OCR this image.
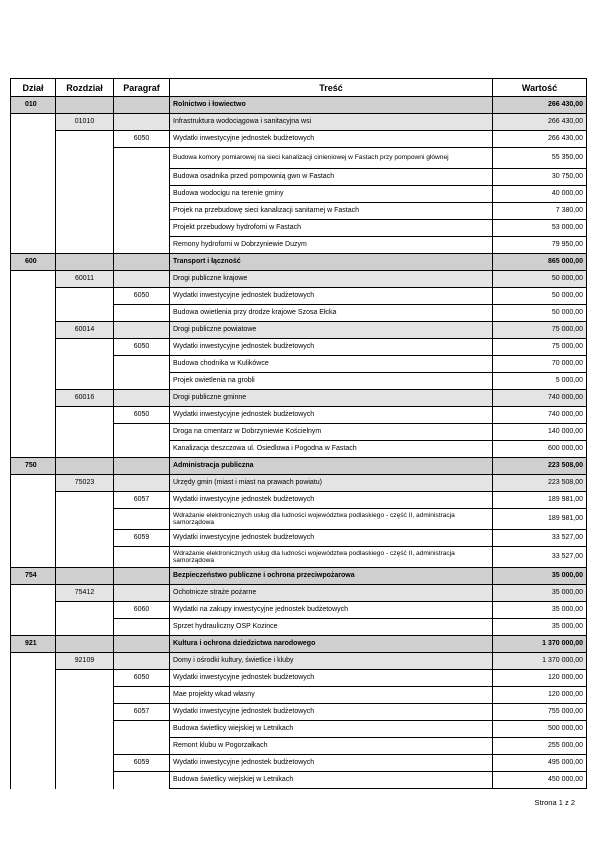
Dział	Rozdział	Paragraf	Treść	Wartość
010			Rolnictwo i łowiectwo	266 430,00
	01010		Infrastruktura wodociągowa i sanitacyjna wsi	266 430,00
		6050	Wydatki inwestycyjne jednostek budżetowych	266 430,00
			Budowa komory pomiarowej na sieci kanalizacji cinieniowej w Fastach przy pompowni głównej	55 350,00
			Budowa osadnika przed pompownią gwn w Fastach	30 750,00
			Budowa wodocigu na terenie gminy	40 000,00
			Projek na przebudowę sieci kanalizacji sanitarnej w Fastach	7 380,00
			Projekt przebudowy hydrofomi w Fastach	53 000,00
			Remony hydroforni w Dobrzyniewie Duzym	79 950,00
600			Transport i łączność	865 000,00
	60011		Drogi publiczne krajowe	50 000,00
		6050	Wydatki inwestycyjne jednostek budżetowych	50 000,00
			Budowa owietlenia przy drodze krajowe Szosa Ełcka	50 000,00
	60014		Drogi publiczne powiatowe	75 000,00
		6050	Wydatki inwestycyjne jednostek budżetowych	75 000,00
			Budowa chodnika w Kulikówce	70 000,00
			Projek owietlenia na grobli	5 000,00
	60016		Drogi publiczne gminne	740 000,00
		6050	Wydatki inwestycyjne jednostek budżetowych	740 000,00
			Droga na cmentarz w Dobrzyniewie Kościelnym	140 000,00
			Kanalizacja deszczowa ul. Osiedlowa i Pogodna w Fastach	600 000,00
750			Administracja publiczna	223 508,00
	75023		Urzędy gmin (miast i miast na prawach powiatu)	223 508,00
		6057	Wydatki inwestycyjne jednostek budżetowych	189 981,00
			Wdrażanie elektronicznych usług dla ludności województwa podlaskiego - część II, administracja samorządowa	189 981,00
		6059	Wydatki inwestycyjne jednostek budżetowych	33 527,00
			Wdrażanie elektronicznych usług dla ludności województwa podlaskiego - część II, administracja samorządowa	33 527,00
754			Bezpieczeństwo publiczne i ochrona przeciwpożarowa	35 000,00
	75412		Ochotnicze straże pożarne	35 000,00
		6060	Wydatki na zakupy inwestycyjne jednostek budżetowych	35 000,00
			Sprzet hydrauliczny OSP Kozince	35 000,00
921			Kultura i ochrona dziedzictwa narodowego	1 370 000,00
	92109		Domy i ośrodki kultury, świetlice i kluby	1 370 000,00
		6050	Wydatki inwestycyjne jednostek budżetowych	120 000,00
			Mae projekty wkad własny	120 000,00
		6057	Wydatki inwestycyjne jednostek budżetowych	755 000,00
			Budowa świetlicy wiejskiej w Letnikach	500 000,00
			Remont klubu w Pogorzałkach	255 000,00
		6059	Wydatki inwestycyjne jednostek budżetowych	495 000,00
			Budowa świetlicy wiejskiej w Letnikach	450 000,00
Strona 1 z 2
